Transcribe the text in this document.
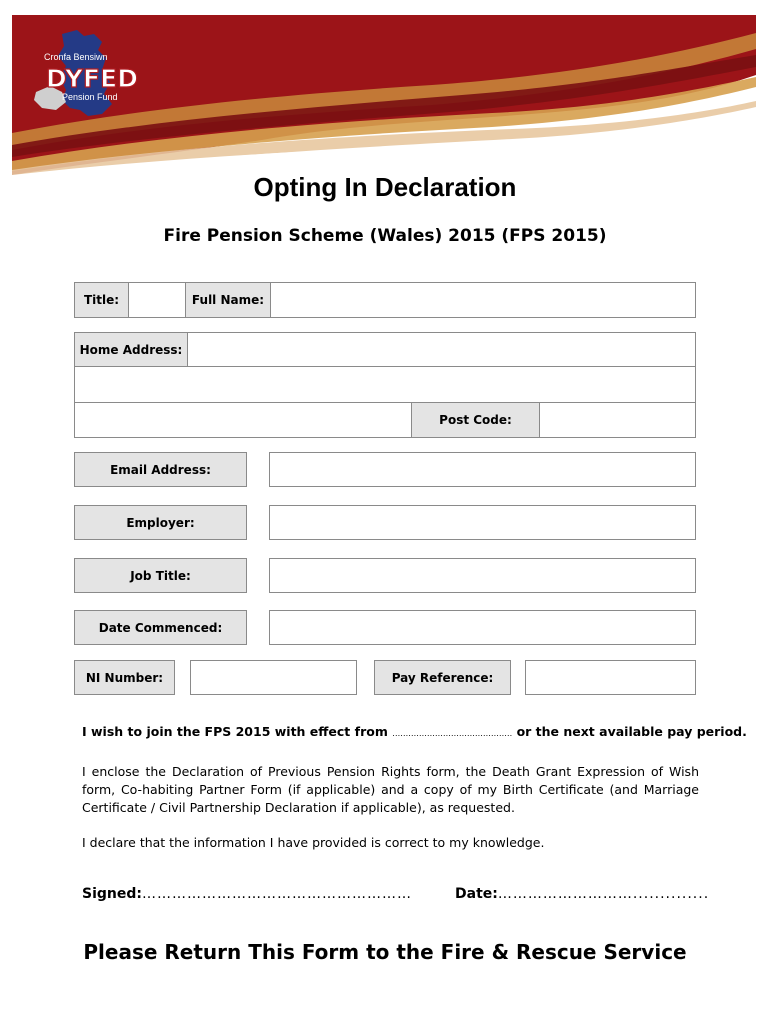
Cronfa Bensiwn
DYFED
Pension Fund
Opting In Declaration
Fire Pension Scheme (Wales) 2015 (FPS 2015)
Title:	Full Name:
Home Address:
Post Code:
Email Address:
Employer:
Job Title:
Date Commenced:
NI Number:	Pay Reference:
I wish to join the FPS 2015 with effect from ……………………………………… or the next available pay period.
I enclose the Declaration of Previous Pension Rights form, the Death Grant Expression of Wish form, Co-habiting Partner Form (if applicable) and a copy of my Birth Certificate (and Marriage Certificate / Civil Partnership Declaration if applicable), as requested.
I declare that the information I have provided is correct to my knowledge.
Signed:………………………………………………	Date:………………………..............
Please Return This Form to the Fire & Rescue Service
